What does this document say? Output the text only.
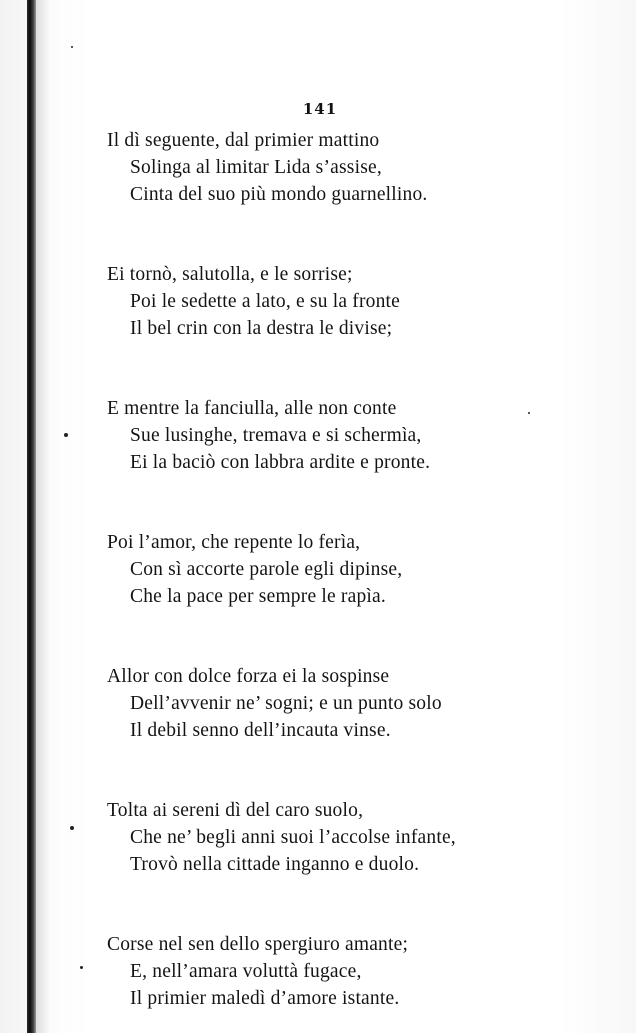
141
Il dì seguente, dal primier mattino
Solinga al limitar Lida s’assise,
Cinta del suo più mondo guarnellino.
Ei tornò, salutolla, e le sorrise;
Poi le sedette a lato, e su la fronte
Il bel crin con la destra le divise;
E mentre la fanciulla, alle non conte
Sue lusinghe, tremava e si schermìa,
Ei la baciò con labbra ardite e pronte.
Poi l’amor, che repente lo ferìa,
Con sì accorte parole egli dipinse,
Che la pace per sempre le rapìa.
Allor con dolce forza ei la sospinse
Dell’avvenir ne’ sogni; e un punto solo
Il debil senno dell’incauta vinse.
Tolta ai sereni dì del caro suolo,
Che ne’ begli anni suoi l’accolse infante,
Trovò nella cittade inganno e duolo.
Corse nel sen dello spergiuro amante;
E, nell’amara voluttà fugace,
Il primier maledì d’amore istante.
